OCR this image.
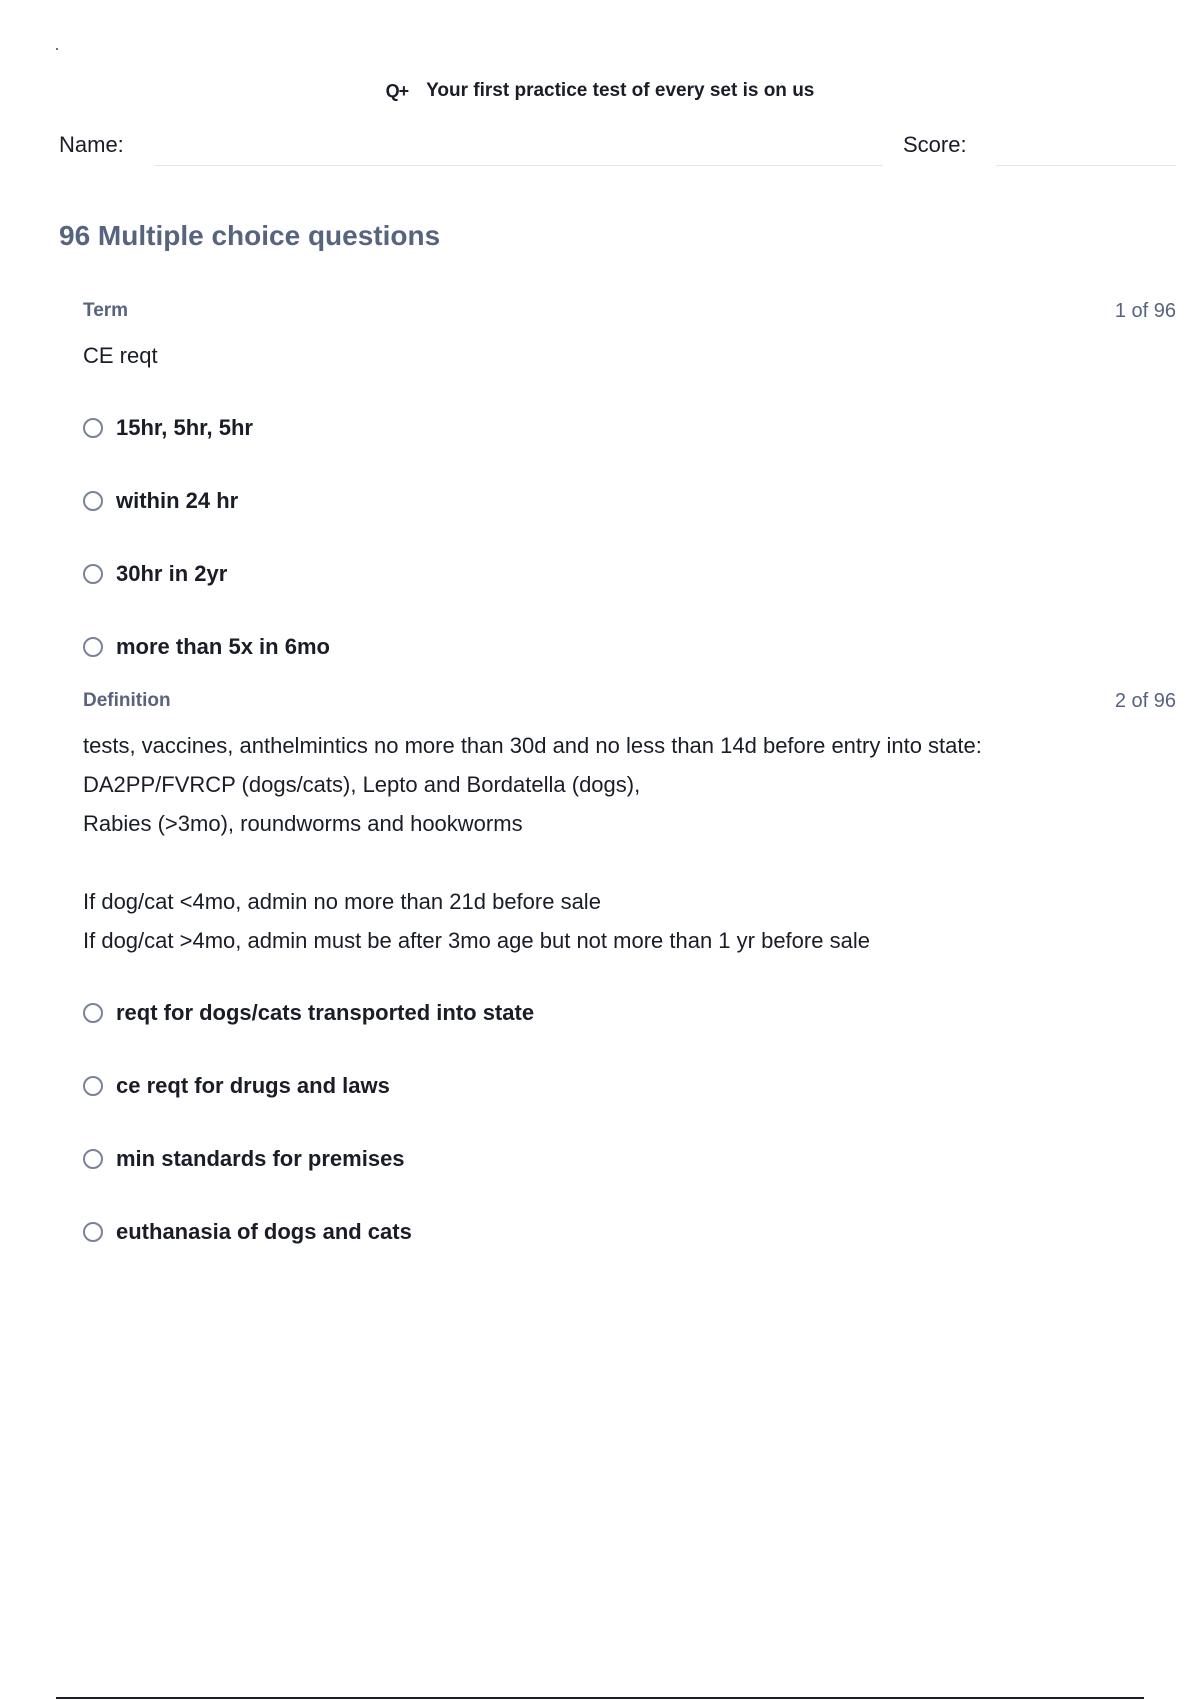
Q+ Your first practice test of every set is on us
Name:	Score:
96 Multiple choice questions
Term	1 of 96
CE reqt
15hr, 5hr, 5hr
within 24 hr
30hr in 2yr
more than 5x in 6mo
Definition	2 of 96
tests, vaccines, anthelmintics no more than 30d and no less than 14d before entry into state:
DA2PP/FVRCP (dogs/cats), Lepto and Bordatella (dogs),
Rabies (>3mo), roundworms and hookworms
If dog/cat <4mo, admin no more than 21d before sale
If dog/cat >4mo, admin must be after 3mo age but not more than 1 yr before sale
reqt for dogs/cats transported into state
ce reqt for drugs and laws
min standards for premises
euthanasia of dogs and cats
